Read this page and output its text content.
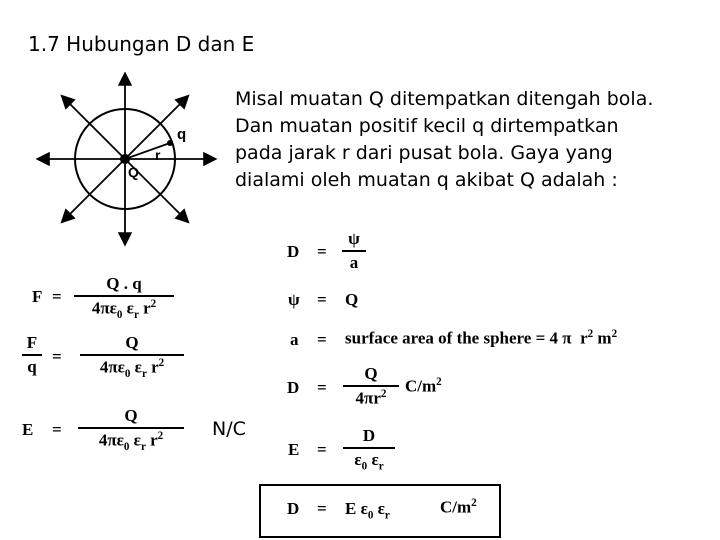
1.7 Hubungan D dan E
Misal muatan Q ditempatkan ditengah bola.
Dan muatan positif kecil q dirtempatkan
pada jarak r dari pusat bola. Gaya yang
dialami oleh muatan q akibat Q adalah :
q
r
Q
F =
Q . q
$4\pi\varepsilon_0$ $\varepsilon_r$ $r^2$
F
q
=
Q
$4\pi\varepsilon_0$ $\varepsilon_r$ $r^2$
E =
Q
$4\pi\varepsilon_0$ $\varepsilon_r$ $r^2$	N/C
D =
ψ
a
ψ = Q
a = surface area of the sphere = 4 π  $r^2$ $m^2$
D =
Q
$4\pi r^2$	$C/m^2$
E =
D
$\varepsilon_0$ $\varepsilon_r$
D = E $\varepsilon_0$ $\varepsilon_r$	$C/m^2$
